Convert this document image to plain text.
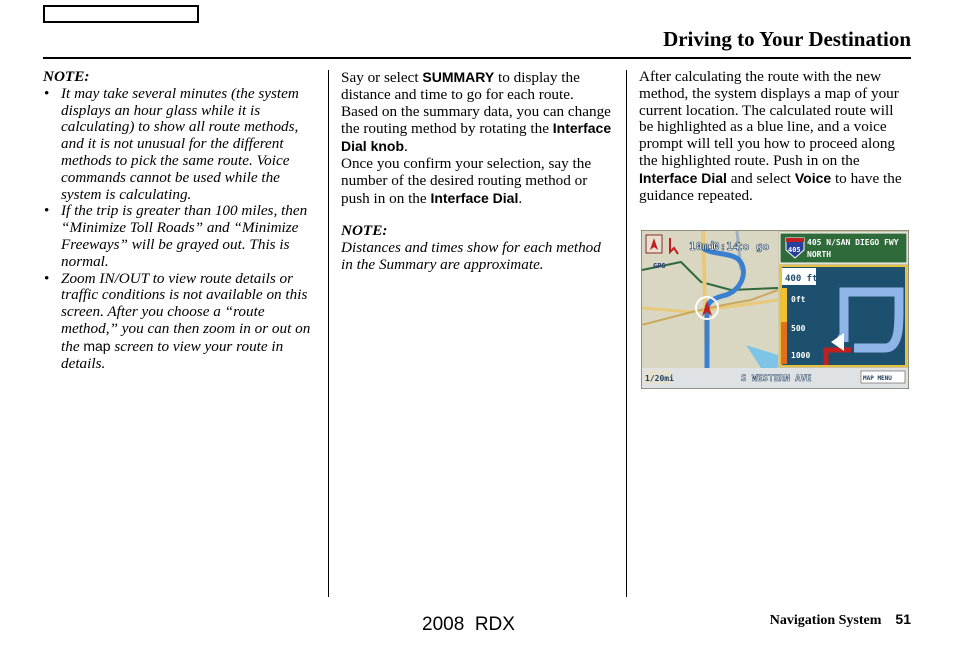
Driving to Your Destination

NOTE:

• It may take several minutes (the system displays an hour glass while it is calculating) to show all route methods, and it is not unusual for the different methods to pick the same route. Voice commands cannot be used while the system is calculating.
• If the trip is greater than 100 miles, then “Minimize Toll Roads” and “Minimize Freeways” will be grayed out. This is normal.
• Zoom IN/OUT to view route details or traffic conditions is not available on this screen. After you choose a “route method,” you can then zoom in or out on the map screen to view your route in details.

Say or select SUMMARY to display the distance and time to go for each route. Based on the summary data, you can change the routing method by rotating the Interface Dial knob.

Once you confirm your selection, say the number of the desired routing method or push in on the Interface Dial.

NOTE:

Distances and times show for each method in the Summary are approximate.

After calculating the route with the new method, the system displays a map of your current location. The calculated route will be highlighted as a blue line, and a voice prompt will tell you how to proceed along the highlighted route. Push in on the Interface Dial and select Voice to have the guidance repeated.

GPS
10mi
0:14
to go	405
405 N/SAN DIEGO FWY
NORTH
400 ft
0ft
500
1000
1/20mi	S WESTERN AVE	MAP MENU
2008  RDX	Navigation System 51
